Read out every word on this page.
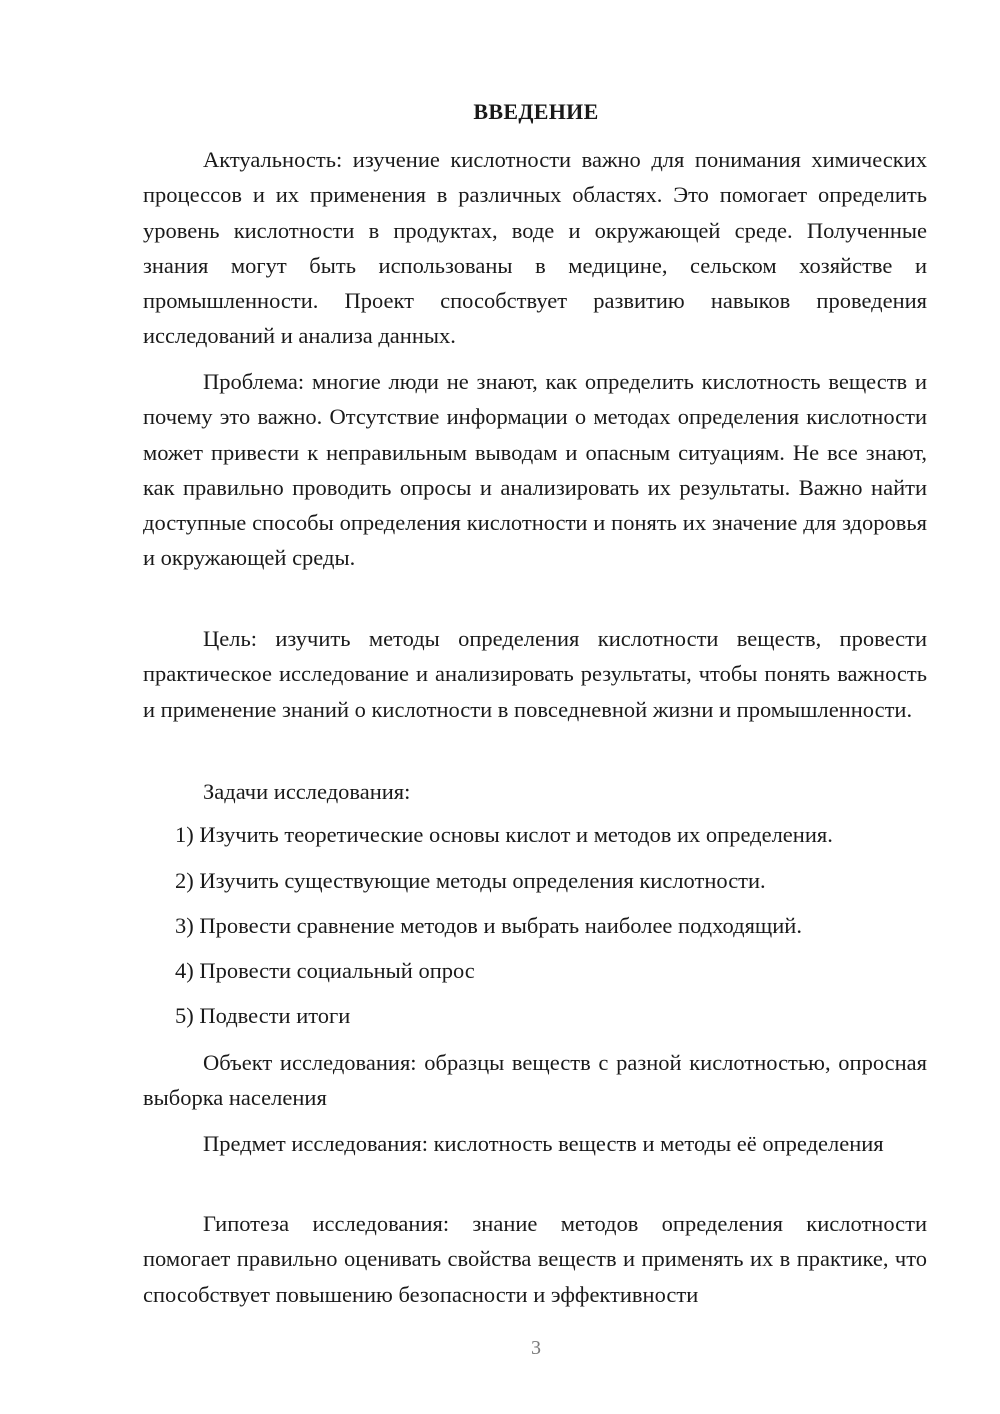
ВВЕДЕНИЕ

Актуальность: изучение кислотности важно для понимания химических процессов и их применения в различных областях. Это помогает определить уровень кислотности в продуктах, воде и окружающей среде. Полученные знания могут быть использованы в медицине, сельском хозяйстве и промышленности. Проект способствует развитию навыков проведения исследований и анализа данных.

Проблема: многие люди не знают, как определить кислотность веществ и почему это важно. Отсутствие информации о методах определения кислотности может привести к неправильным выводам и опасным ситуациям. Не все знают, как правильно проводить опросы и анализировать их результаты. Важно найти доступные способы определения кислотности и понять их значение для здоровья и окружающей среды.

Цель: изучить методы определения кислотности веществ, провести практическое исследование и анализировать результаты, чтобы понять важность и применение знаний о кислотности в повседневной жизни и промышленности.

Задачи исследования:

1) Изучить теоретические основы кислот и методов их определения.

2) Изучить существующие методы определения кислотности.

3) Провести сравнение методов и выбрать наиболее подходящий.

4) Провести социальный опрос

5) Подвести итоги

Объект исследования: образцы веществ с разной кислотностью, опросная выборка населения

Предмет исследования: кислотность веществ и методы её определения

Гипотеза исследования: знание методов определения кислотности помогает правильно оценивать свойства веществ и применять их в практике, что способствует повышению безопасности и эффективности

3
